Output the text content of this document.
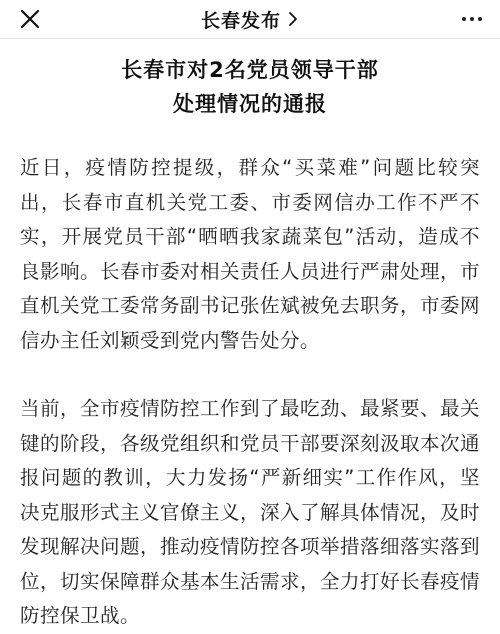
长春发布
长春市对2名党员领导干部
处理情况的通报

近日，疫情防控提级，群众“买菜难”问题比较突出，长春市直机关党工委、市委网信办工作不严不实，开展党员干部“晒晒我家蔬菜包”活动，造成不良影响。长春市委对相关责任人员进行严肃处理，市直机关党工委常务副书记张佐斌被免去职务，市委网信办主任刘颖受到党内警告处分。

当前，全市疫情防控工作到了最吃劲、最紧要、最关键的阶段，各级党组织和党员干部要深刻汲取本次通报问题的教训，大力发扬“严新细实”工作作风，坚决克服形式主义官僚主义，深入了解具体情况，及时发现解决问题，推动疫情防控各项举措落细落实落到位，切实保障群众基本生活需求，全力打好长春疫情防控保卫战。
